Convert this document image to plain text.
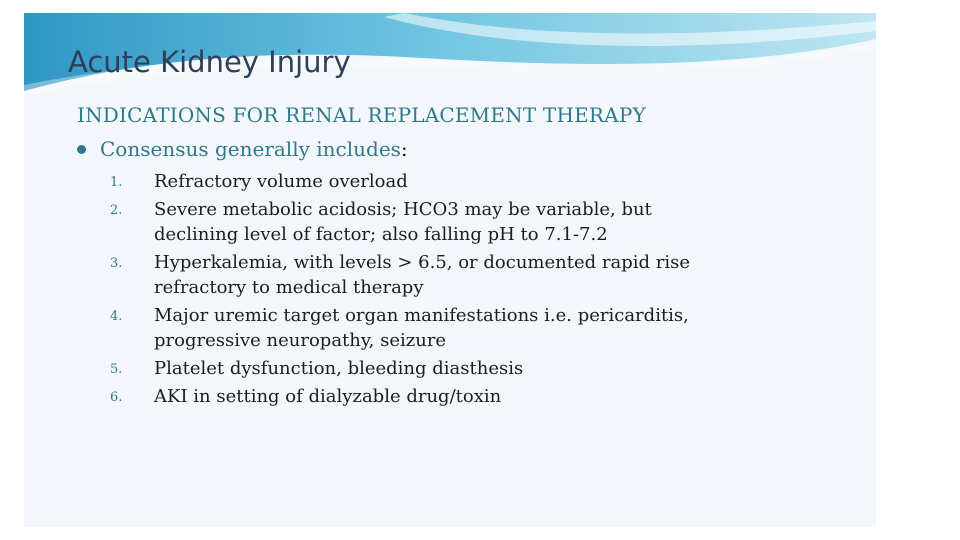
Acute Kidney Injury
INDICATIONS FOR RENAL REPLACEMENT THERAPY
Consensus generally includes :
1.	Refractory volume overload
2.	Severe metabolic acidosis; HCO3 may be variable, but
declining level of factor; also falling pH to 7.1-7.2
3.	Hyperkalemia, with levels > 6.5, or documented rapid rise
refractory to medical therapy
4.	Major uremic target organ manifestations i.e. pericarditis,
progressive neuropathy, seizure
5.	Platelet dysfunction, bleeding diasthesis
6.	AKI in setting of dialyzable drug/toxin
